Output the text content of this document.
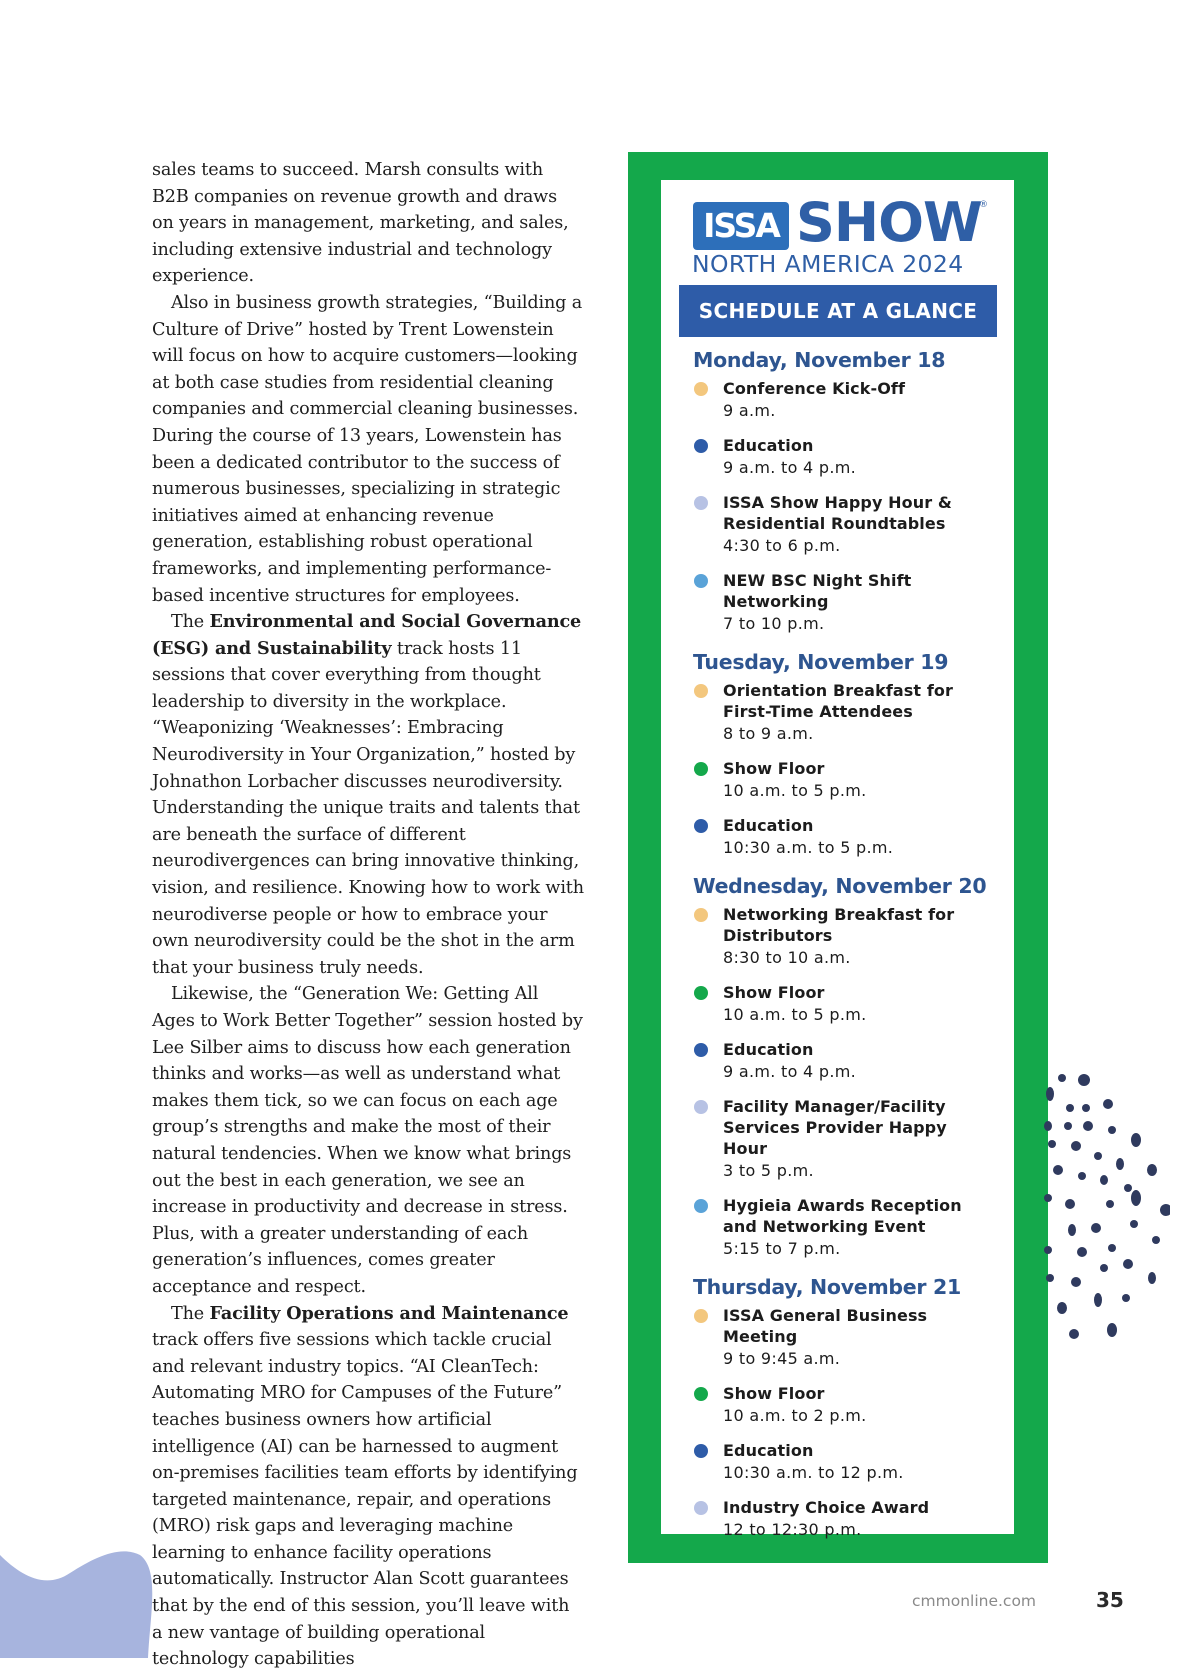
sales teams to succeed. Marsh consults with B2B companies on revenue growth and draws on years in management, marketing, and sales, including extensive industrial and technology experience.

Also in business growth strategies, “Building a Culture of Drive” hosted by Trent Lowenstein will focus on how to acquire customers—looking at both case studies from residential cleaning companies and commercial cleaning businesses. During the course of 13 years, Lowenstein has been a dedicated contributor to the success of numerous businesses, specializing in strategic initiatives aimed at enhancing revenue generation, establishing robust operational frameworks, and implementing performance-based incentive structures for employees.

The Environmental and Social Governance (ESG) and Sustainability track hosts 11 sessions that cover everything from thought leadership to diversity in the workplace. “Weaponizing ‘Weaknesses’: Embracing Neurodiversity in Your Organization,” hosted by Johnathon Lorbacher discusses neurodiversity. Understanding the unique traits and talents that are beneath the surface of different neurodivergences can bring innovative thinking, vision, and resilience. Knowing how to work with neurodiverse people or how to embrace your own neurodiversity could be the shot in the arm that your business truly needs.

Likewise, the “Generation We: Getting All Ages to Work Better Together” session hosted by Lee Silber aims to discuss how each generation thinks and works—as well as understand what makes them tick, so we can focus on each age group’s strengths and make the most of their natural tendencies. When we know what brings out the best in each generation, we see an increase in productivity and decrease in stress. Plus, with a greater understanding of each generation’s influences, comes greater acceptance and respect.

The Facility Operations and Maintenance track offers five sessions which tackle crucial and relevant industry topics. “AI CleanTech: Automating MRO for Campuses of the Future” teaches business owners how artificial intelligence (AI) can be harnessed to augment on-premises facilities team efforts by identifying targeted maintenance, repair, and operations (MRO) risk gaps and leveraging machine learning to enhance facility operations automatically. Instructor Alan Scott guarantees that by the end of this session, you’ll leave with a new vantage of building operational technology capabilities

ISSA SHOW
®
NORTH AMERICA 2024
SCHEDULE AT A GLANCE
Monday, November 18
Conference Kick-Off
9 a.m.
Education
9 a.m. to 4 p.m.
ISSA Show Happy Hour & Residential Roundtables
4:30 to 6 p.m.
NEW BSC Night Shift Networking
7 to 10 p.m.
Tuesday, November 19
Orientation Breakfast for First-Time Attendees
8 to 9 a.m.
Show Floor
10 a.m. to 5 p.m.
Education
10:30 a.m. to 5 p.m.
Wednesday, November 20
Networking Breakfast for Distributors
8:30 to 10 a.m.
Show Floor
10 a.m. to 5 p.m.
Education
9 a.m. to 4 p.m.
Facility Manager/Facility Services Provider Happy Hour
3 to 5 p.m.
Hygieia Awards Reception and Networking Event
5:15 to 7 p.m.
Thursday, November 21
ISSA General Business Meeting
9 to 9:45 a.m.
Show Floor
10 a.m. to 2 p.m.
Education
10:30 a.m. to 12 p.m.
Industry Choice Award
12 to 12:30 p.m.
cmmonline.com	35
